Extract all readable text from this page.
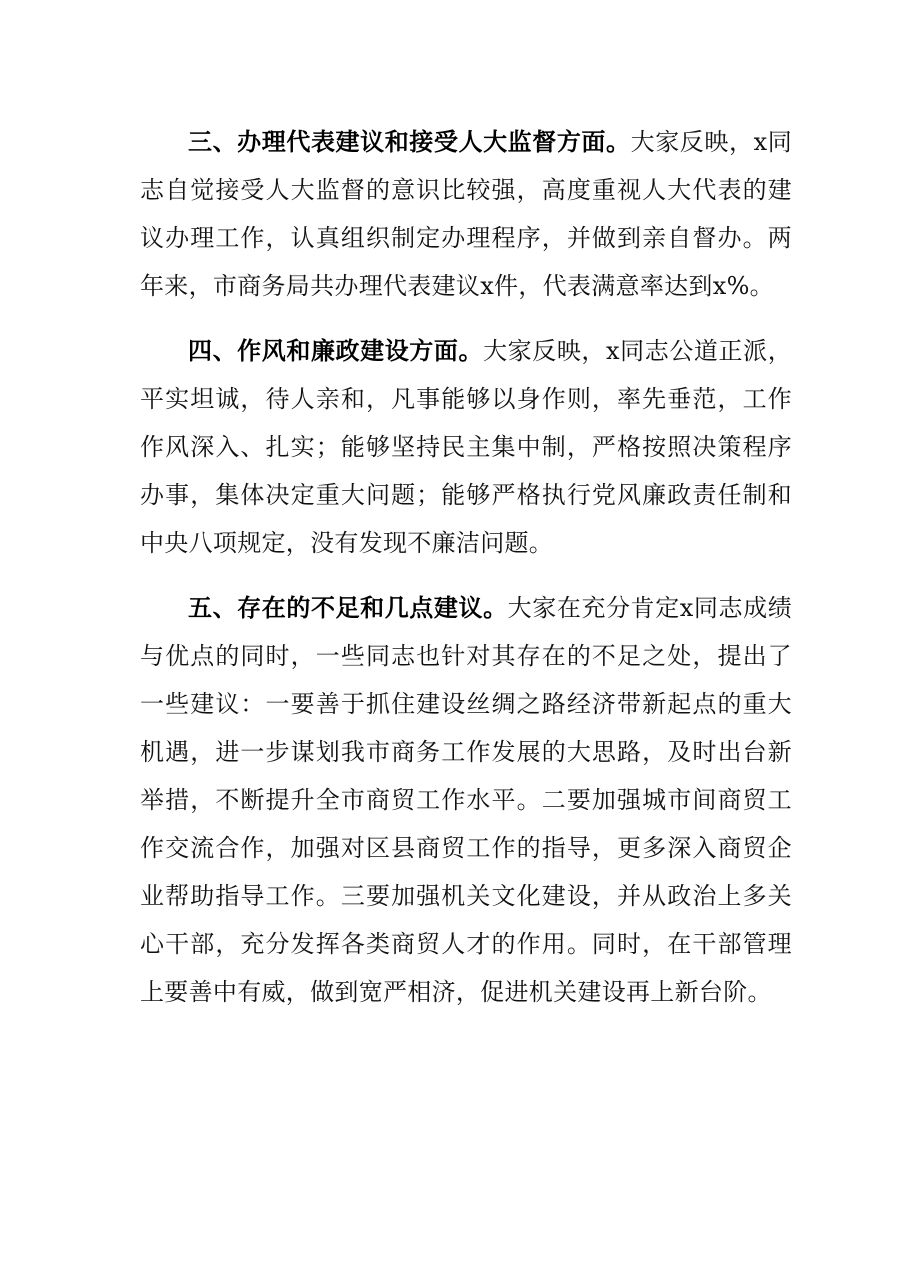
三、办理代表建议和接受人大监督方面。大家反映，x同志自觉接受人大监督的意识比较强，高度重视人大代表的建议办理工作，认真组织制定办理程序，并做到亲自督办。两年来，市商务局共办理代表建议x件，代表满意率达到x%。

四、作风和廉政建设方面。大家反映，x同志公道正派，平实坦诚，待人亲和，凡事能够以身作则，率先垂范，工作作风深入、扎实；能够坚持民主集中制，严格按照决策程序办事，集体决定重大问题；能够严格执行党风廉政责任制和中央八项规定，没有发现不廉洁问题。

五、存在的不足和几点建议。大家在充分肯定x同志成绩与优点的同时，一些同志也针对其存在的不足之处，提出了一些建议：一要善于抓住建设丝绸之路经济带新起点的重大机遇，进一步谋划我市商务工作发展的大思路，及时出台新举措，不断提升全市商贸工作水平。二要加强城市间商贸工作交流合作，加强对区县商贸工作的指导，更多深入商贸企业帮助指导工作。三要加强机关文化建设，并从政治上多关心干部，充分发挥各类商贸人才的作用。同时，在干部管理上要善中有威，做到宽严相济，促进机关建设再上新台阶。
